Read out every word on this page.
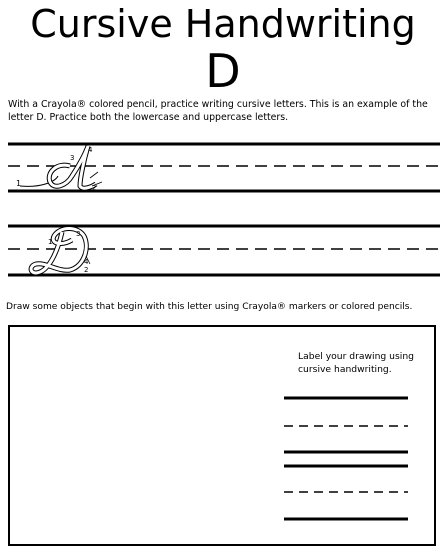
Cursive Handwriting
D
With a Crayola® colored pencil, practice writing cursive letters. This is an example of the letter D. Practice both the lowercase and uppercase letters.
1	2
3
4
1
2
3
4
Draw some objects that begin with this letter using Crayola® markers or colored pencils.
Label your drawing using cursive handwriting.
